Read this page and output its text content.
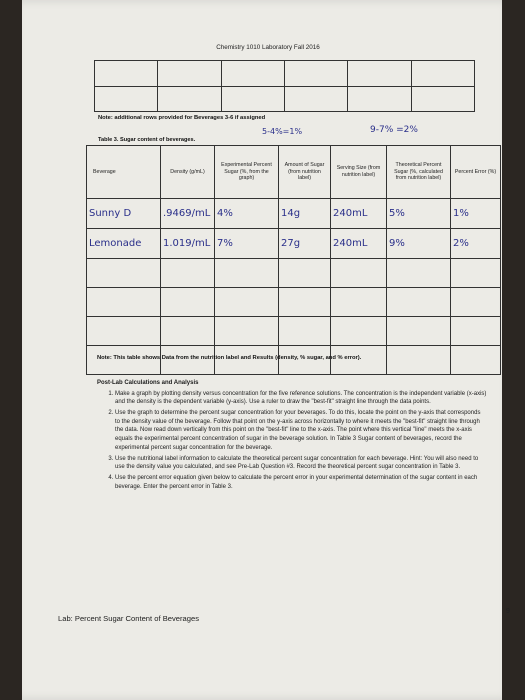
Chemistry 1010 Laboratory Fall 2016

Note: additional rows provided for Beverages 3-6 if assigned
Table 3. Sugar content of beverages.
5-4%=1%	9-7% =2%
Beverage	Density (g/mL)	Experimental Percent Sugar (%, from the graph)	Amount of Sugar (from nutrition label)	Serving Size (from nutrition label)	Theoretical Percent Sugar (%, calculated from nutrition label)	Percent Error (%)
Sunny D	.9469/mL	4%	14g	240mL	5%	1%
Lemonade	1.019/mL	7%	27g	240mL	9%	2%

Note: This table shows Data from the nutrition label and Results (density, % sugar, and % error).
Post-Lab Calculations and Analysis
1. Make a graph by plotting density versus concentration for the five reference solutions. The concentration is the independent variable (x-axis) and the density is the dependent variable (y-axis). Use a ruler to draw the "best-fit" straight line through the data points.
2. Use the graph to determine the percent sugar concentration for your beverages. To do this, locate the point on the y-axis that corresponds to the density value of the beverage. Follow that point on the y-axis across horizontally to where it meets the "best-fit" straight line through the data. Now read down vertically from this point on the "best-fit" line to the x-axis. The point where this vertical "line" meets the x-axis equals the experimental percent concentration of sugar in the beverage solution. In Table 3 Sugar content of beverages, record the experimental percent sugar concentration for the beverage.
3. Use the nutritional label information to calculate the theoretical percent sugar concentration for each beverage. Hint: You will also need to use the density value you calculated, and see Pre-Lab Question #3. Record the theoretical percent sugar concentration in Table 3.
4. Use the percent error equation given below to calculate the percent error in your experimental determination of the sugar content in each beverage. Enter the percent error in Table 3.
Lab: Percent Sugar Content of Beverages
9
